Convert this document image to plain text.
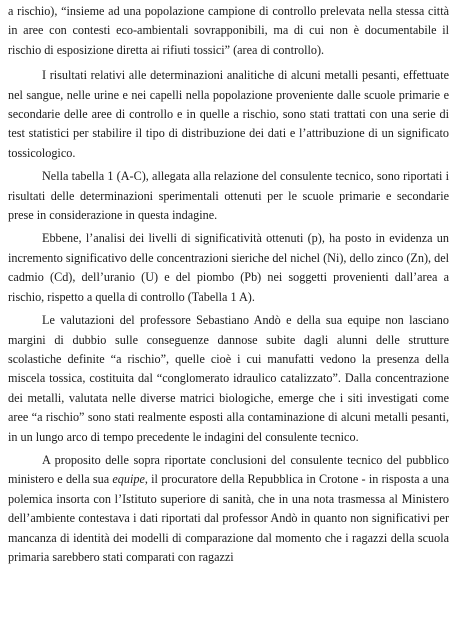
a rischio), “insieme ad una popolazione campione di controllo prelevata nella stessa città in aree con contesti eco-ambientali sovrapponibili, ma di cui non è documentabile il rischio di esposizione diretta ai rifiuti tossici” (area di controllo).

I risultati relativi alle determinazioni analitiche di alcuni metalli pesanti, effettuate nel sangue, nelle urine e nei capelli nella popolazione proveniente dalle scuole primarie e secondarie delle aree di controllo e in quelle a rischio, sono stati trattati con una serie di test statistici per stabilire il tipo di distribuzione dei dati e l’attribuzione di un significato tossicologico.

Nella tabella 1 (A-C), allegata alla relazione del consulente tecnico, sono riportati i risultati delle determinazioni sperimentali ottenuti per le scuole primarie e secondarie prese in considerazione in questa indagine.

Ebbene, l’analisi dei livelli di significatività ottenuti (p), ha posto in evidenza un incremento significativo delle concentrazioni sieriche del nichel (Ni), dello zinco (Zn), del cadmio (Cd), dell’uranio (U) e del piombo (Pb) nei soggetti provenienti dall’area a rischio, rispetto a quella di controllo (Tabella 1 A).

Le valutazioni del professore Sebastiano Andò e della sua equipe non lasciano margini di dubbio sulle conseguenze dannose subite dagli alunni delle strutture scolastiche definite “a rischio”, quelle cioè i cui manufatti vedono la presenza della miscela tossica, costituita dal “conglomerato idraulico catalizzato”. Dalla concentrazione dei metalli, valutata nelle diverse matrici biologiche, emerge che i siti investigati come aree “a rischio” sono stati realmente esposti alla contaminazione di alcuni metalli pesanti, in un lungo arco di tempo precedente le indagini del consulente tecnico.

A proposito delle sopra riportate conclusioni del consulente tecnico del pubblico ministero e della sua equipe, il procuratore della Repubblica in Crotone - in risposta a una polemica insorta con l’Istituto superiore di sanità, che in una nota trasmessa al Ministero dell’ambiente contestava i dati riportati dal professor Andò in quanto non significativi per mancanza di identità dei modelli di comparazione dal momento che i ragazzi della scuola primaria sarebbero stati comparati con ragazzi
